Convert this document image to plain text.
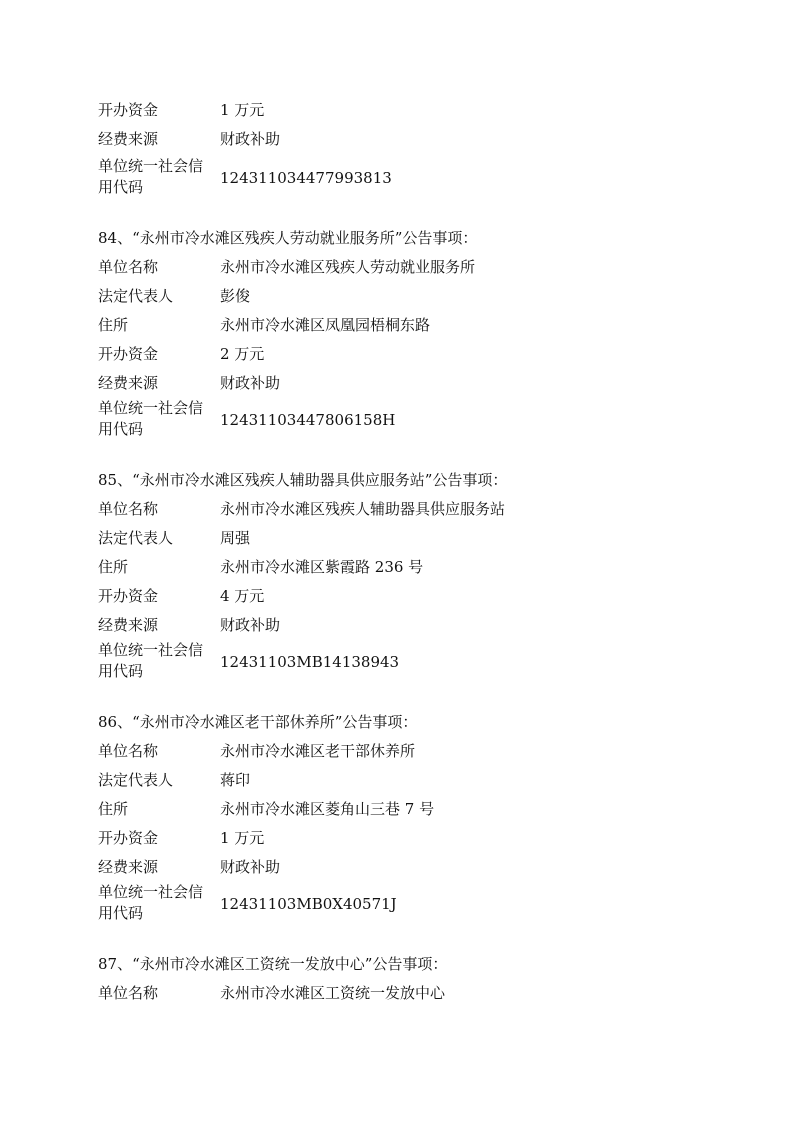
开办资金	1 万元
经费来源	财政补助
单位统一社会信
用代码	124311034477993813
84、“永州市冷水滩区残疾人劳动就业服务所”公告事项：
单位名称	永州市冷水滩区残疾人劳动就业服务所
法定代表人	彭俊
住所	永州市冷水滩区凤凰园梧桐东路
开办资金	2 万元
经费来源	财政补助
单位统一社会信
用代码	12431103447806158H
85、“永州市冷水滩区残疾人辅助器具供应服务站”公告事项：
单位名称	永州市冷水滩区残疾人辅助器具供应服务站
法定代表人	周强
住所	永州市冷水滩区紫霞路 236 号
开办资金	4 万元
经费来源	财政补助
单位统一社会信
用代码	12431103MB14138943
86、“永州市冷水滩区老干部休养所”公告事项：
单位名称	永州市冷水滩区老干部休养所
法定代表人	蒋印
住所	永州市冷水滩区菱角山三巷 7 号
开办资金	1 万元
经费来源	财政补助
单位统一社会信
用代码	12431103MB0X40571J
87、“永州市冷水滩区工资统一发放中心”公告事项：
单位名称	永州市冷水滩区工资统一发放中心
